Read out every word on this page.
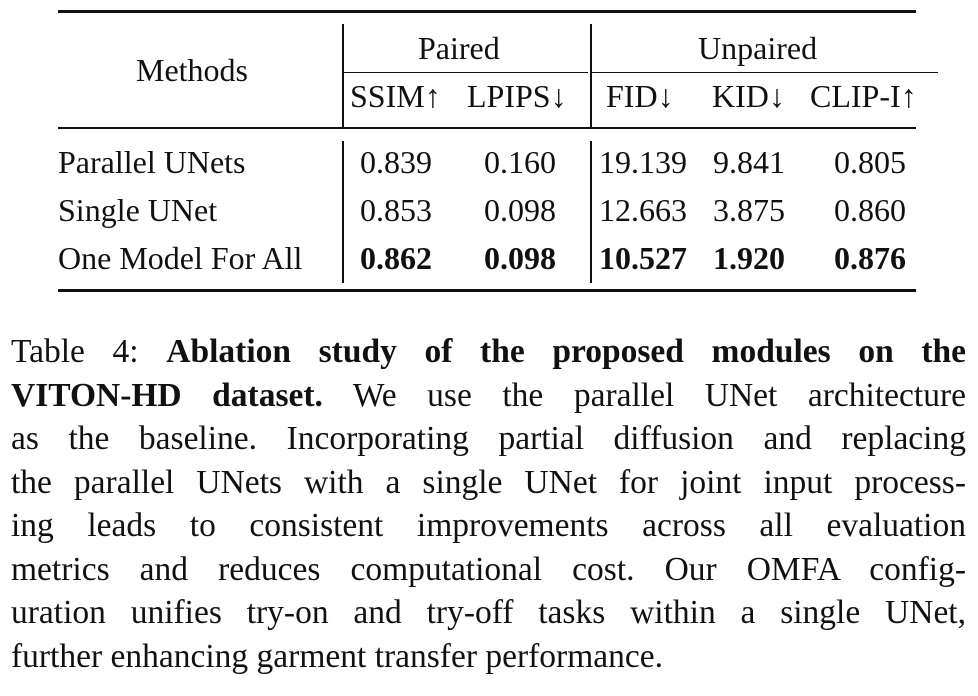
Methods
Paired	Unpaired
SSIM↑ LPIPS↓ FID↓ KID↓ CLIP-I↑
Parallel UNets	0.839 0.160 19.139 9.841 0.805
Single UNet	0.853 0.098 12.663 3.875 0.860
One Model For All 0.862 0.098 10.527 1.920 0.876
Table 4: Ablation study of the proposed modules on the
VITON-HD dataset. We use the parallel UNet architecture
as the baseline. Incorporating partial diffusion and replacing
the parallel UNets with a single UNet for joint input process-
ing leads to consistent improvements across all evaluation
metrics and reduces computational cost. Our OMFA config-
uration unifies try-on and try-off tasks within a single UNet,
further enhancing garment transfer performance.
